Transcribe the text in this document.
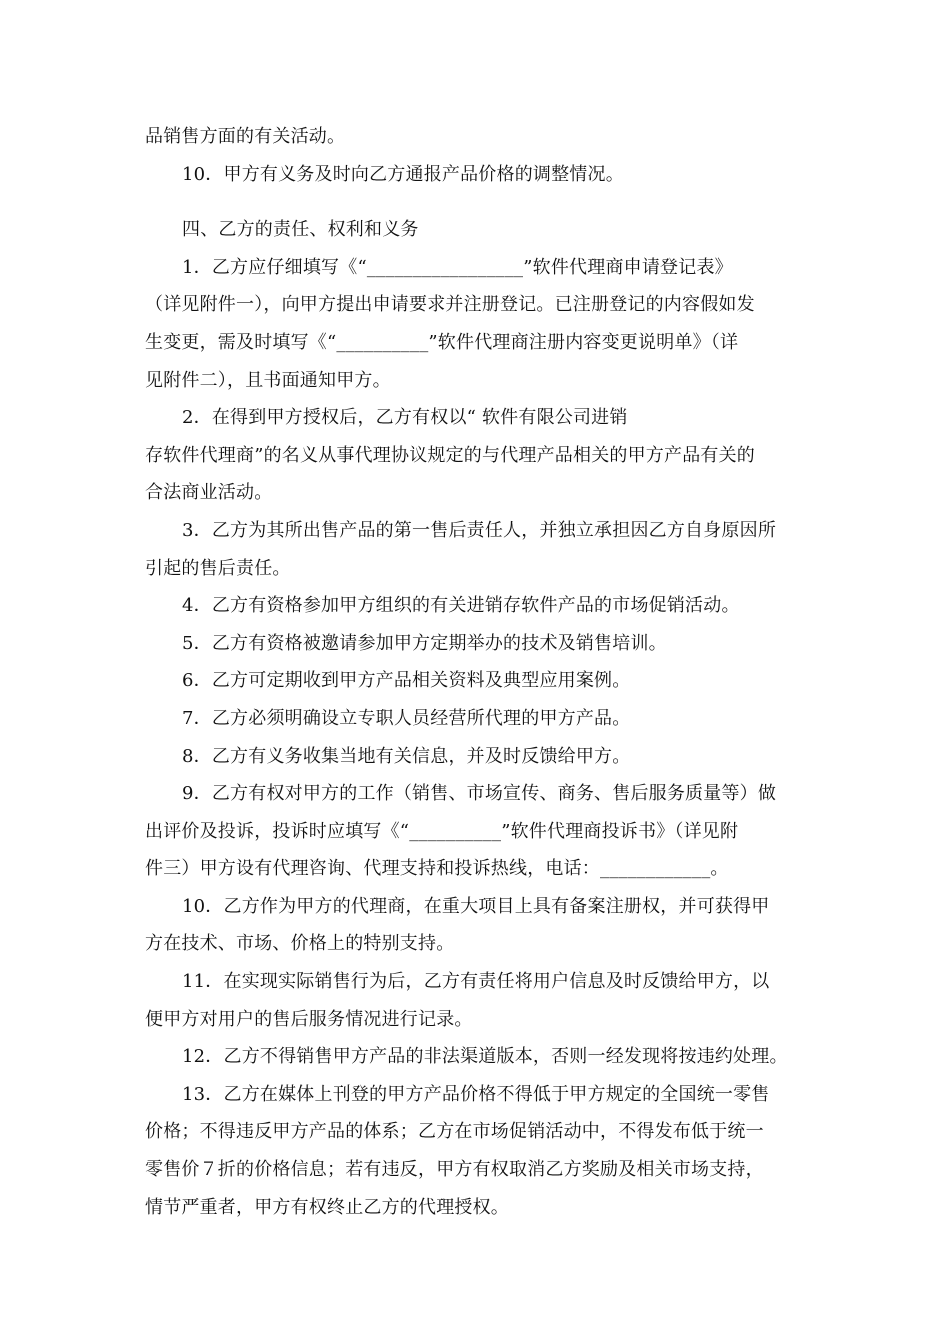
品销售方面的有关活动。

10．甲方有义务及时向乙方通报产品价格的调整情况。

四、乙方的责任、权利和义务

1．乙方应仔细填写《“_________________”软件代理商申请登记表》

（详见附件一），向甲方提出申请要求并注册登记。已注册登记的内容假如发

生变更，需及时填写《“__________”软件代理商注册内容变更说明单》（详

见附件二），且书面通知甲方。

2．在得到甲方授权后，乙方有权以“ 软件有限公司进销

存软件代理商”的名义从事代理协议规定的与代理产品相关的甲方产品有关的

合法商业活动。

3．乙方为其所出售产品的第一售后责任人，并独立承担因乙方自身原因所

引起的售后责任。

4．乙方有资格参加甲方组织的有关进销存软件产品的市场促销活动。

5．乙方有资格被邀请参加甲方定期举办的技术及销售培训。

6．乙方可定期收到甲方产品相关资料及典型应用案例。

7．乙方必须明确设立专职人员经营所代理的甲方产品。

8．乙方有义务收集当地有关信息，并及时反馈给甲方。

9．乙方有权对甲方的工作（销售、市场宣传、商务、售后服务质量等）做

出评价及投诉，投诉时应填写《“__________”软件代理商投诉书》（详见附

件三）甲方设有代理咨询、代理支持和投诉热线，电话：____________。

10．乙方作为甲方的代理商，在重大项目上具有备案注册权，并可获得甲

方在技术、市场、价格上的特别支持。

11．在实现实际销售行为后，乙方有责任将用户信息及时反馈给甲方，以

便甲方对用户的售后服务情况进行记录。

12．乙方不得销售甲方产品的非法渠道版本，否则一经发现将按违约处理。

13．乙方在媒体上刊登的甲方产品价格不得低于甲方规定的全国统一零售

价格；不得违反甲方产品的体系；乙方在市场促销活动中，不得发布低于统一

零售价７折的价格信息；若有违反，甲方有权取消乙方奖励及相关市场支持，

情节严重者，甲方有权终止乙方的代理授权。
